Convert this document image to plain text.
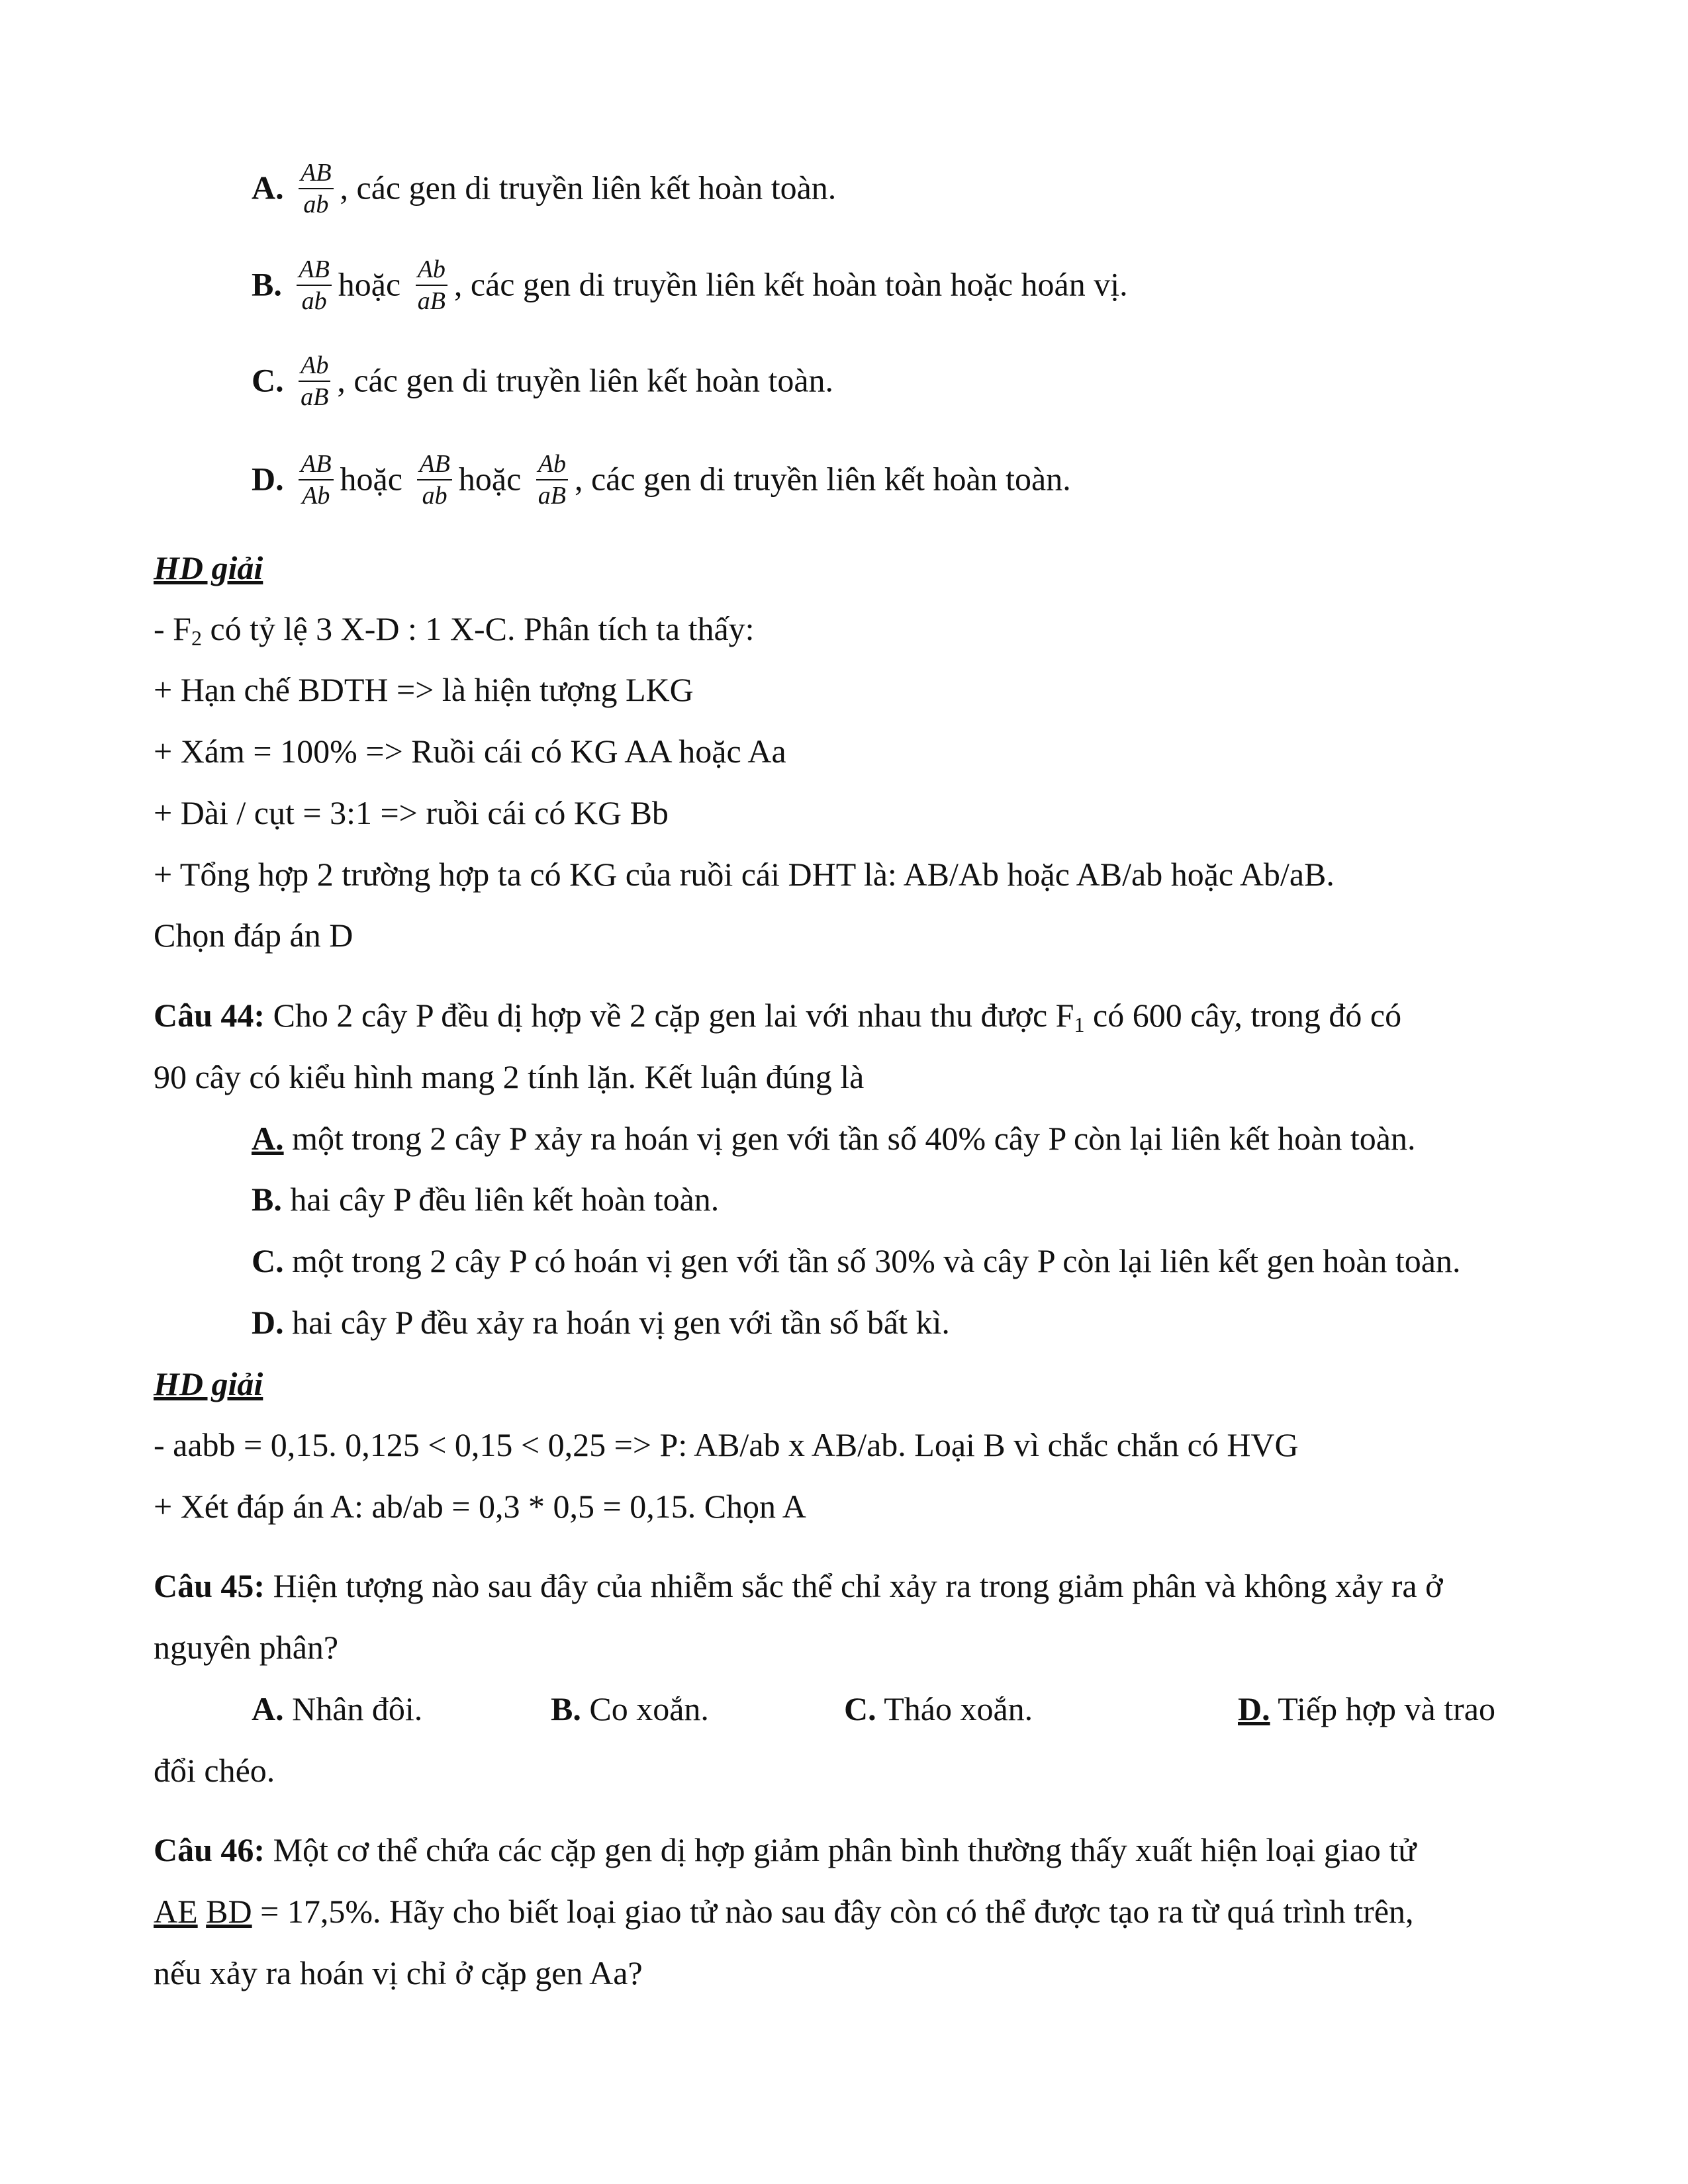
A. $\frac{AB}{ab}$ , các gen di truyền liên kết hoàn toàn.
B. $\frac{AB}{ab}$ hoặc $\frac{Ab}{aB}$ , các gen di truyền liên kết hoàn toàn hoặc hoán vị.
C. $\frac{Ab}{aB}$ , các gen di truyền liên kết hoàn toàn.
D. $\frac{AB}{Ab}$ hoặc $\frac{AB}{ab}$ hoặc $\frac{Ab}{aB}$ , các gen di truyền liên kết hoàn toàn.
HD giải
- $F_2$ có tỷ lệ 3 X-D : 1 X-C. Phân tích ta thấy:
+ Hạn chế BDTH => là hiện tượng LKG
+ Xám = 100% => Ruồi cái có KG AA hoặc Aa
+ Dài / cụt = 3:1 => ruồi cái có KG Bb
+ Tổng hợp 2 trường hợp ta có KG của ruồi cái DHT là: AB/Ab hoặc AB/ab hoặc Ab/aB.
Chọn đáp án D
Câu 44: Cho 2 cây P đều dị hợp về 2 cặp gen lai với nhau thu được $F_1$ có 600 cây, trong đó có
90 cây có kiểu hình mang 2 tính lặn. Kết luận đúng là
A. một trong 2 cây P xảy ra hoán vị gen với tần số 40% cây P còn lại liên kết hoàn toàn.
B. hai cây P đều liên kết hoàn toàn.
C. một trong 2 cây P có hoán vị gen với tần số 30% và cây P còn lại liên kết gen hoàn toàn.
D. hai cây P đều xảy ra hoán vị gen với tần số bất kì.
HD giải
- aabb = 0,15. 0,125 < 0,15 < 0,25 => P: AB/ab x AB/ab. Loại B vì chắc chắn có HVG
+ Xét đáp án A: ab/ab = 0,3 * 0,5 = 0,15. Chọn A
Câu 45: Hiện tượng nào sau đây của nhiễm sắc thể chỉ xảy ra trong giảm phân và không xảy ra ở
nguyên phân?
A. Nhân đôi.	B. Co xoắn.	C. Tháo xoắn.	D. Tiếp hợp và trao
đổi chéo.
Câu 46: Một cơ thể chứa các cặp gen dị hợp giảm phân bình thường thấy xuất hiện loại giao tử
AE BD = 17,5%. Hãy cho biết loại giao tử nào sau đây còn có thể được tạo ra từ quá trình trên,
nếu xảy ra hoán vị chỉ ở cặp gen Aa?
